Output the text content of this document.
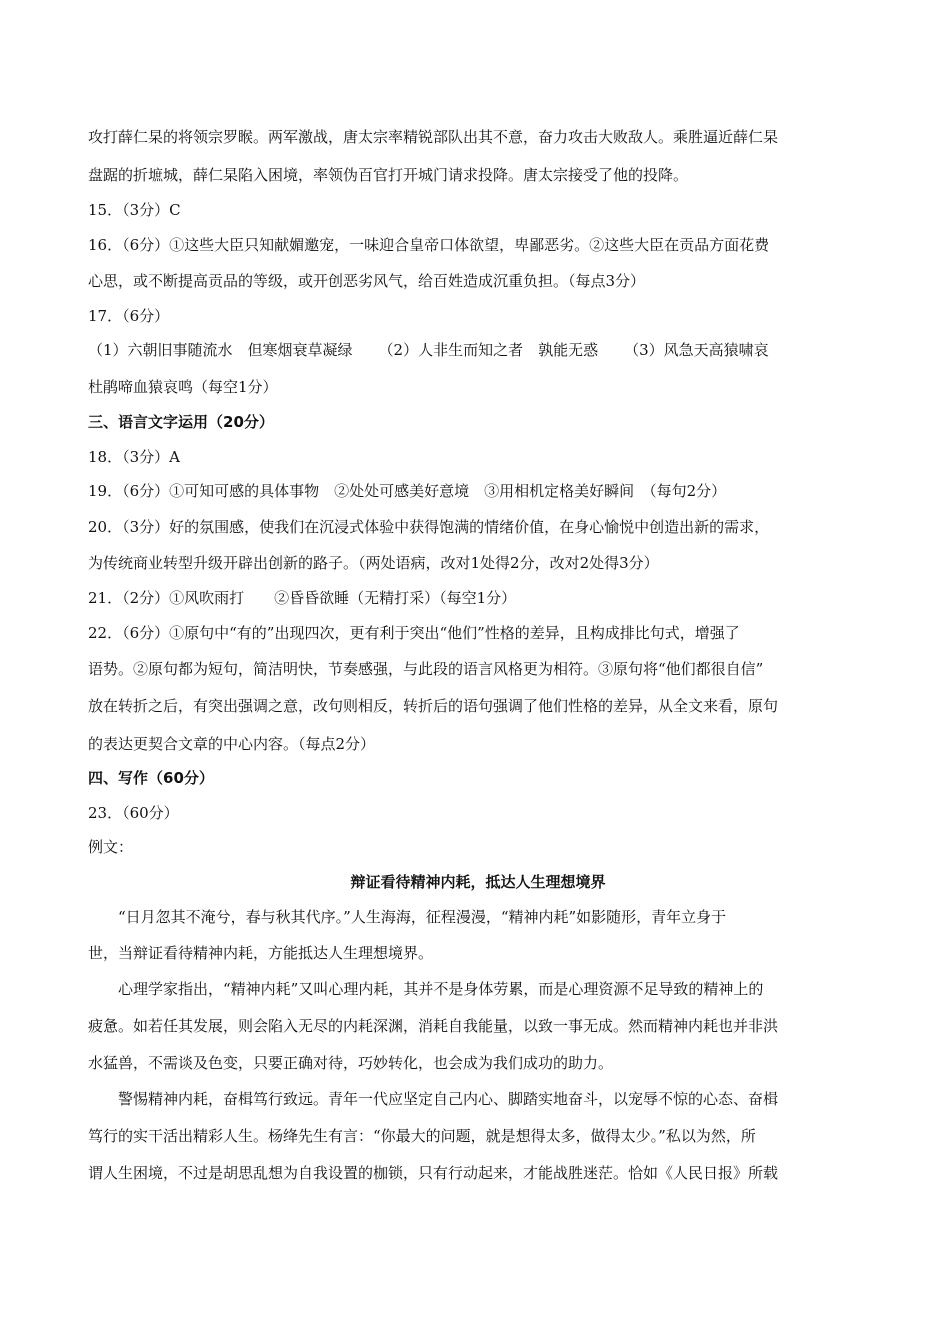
攻打薛仁杲的将领宗罗睺。两军激战，唐太宗率精锐部队出其不意，奋力攻击大败敌人。乘胜逼近薛仁杲
盘踞的折墌城，薛仁杲陷入困境，率领伪百官打开城门请求投降。唐太宗接受了他的投降。
15．（3分）C
16．（6分）①这些大臣只知献媚邀宠，一味迎合皇帝口体欲望，卑鄙恶劣。②这些大臣在贡品方面花费
心思，或不断提高贡品的等级，或开创恶劣风气，给百姓造成沉重负担。（每点3分）
17．（6分）
（1）六朝旧事随流水　但寒烟衰草凝绿 （2）人非生而知之者　孰能无惑 （3）风急天高猿啸哀
杜鹃啼血猿哀鸣（每空1分）
三、语言文字运用（20分）
18．（3分）A
19．（6分）①可知可感的具体事物　②处处可感美好意境　③用相机定格美好瞬间　（每句2分）
20．（3分）好的氛围感，使我们在沉浸式体验中获得饱满的情绪价值，在身心愉悦中创造出新的需求，
为传统商业转型升级开辟出创新的路子。（两处语病，改对1处得2分，改对2处得3分）
21．（2分）①风吹雨打　　②昏昏欲睡（无精打采）（每空1分）
22．（6分）①原句中“有的”出现四次，更有利于突出“他们”性格的差异，且构成排比句式，增强了
语势。②原句都为短句，简洁明快，节奏感强，与此段的语言风格更为相符。③原句将“他们都很自信”
放在转折之后，有突出强调之意，改句则相反，转折后的语句强调了他们性格的差异，从全文来看，原句
的表达更契合文章的中心内容。（每点2分）
四、写作（60分）
23．（60分）
例文：
辩证看待精神内耗，抵达人生理想境界
“日月忽其不淹兮，春与秋其代序。”人生海海，征程漫漫，“精神内耗”如影随形，青年立身于
世，当辩证看待精神内耗，方能抵达人生理想境界。
心理学家指出，“精神内耗”又叫心理内耗，其并不是身体劳累，而是心理资源不足导致的精神上的
疲惫。如若任其发展，则会陷入无尽的内耗深渊，消耗自我能量，以致一事无成。然而精神内耗也并非洪
水猛兽，不需谈及色变，只要正确对待，巧妙转化，也会成为我们成功的助力。
警惕精神内耗，奋楫笃行致远。青年一代应坚定自己内心、脚踏实地奋斗，以宠辱不惊的心态、奋楫
笃行的实干活出精彩人生。杨绛先生有言：“你最大的问题，就是想得太多，做得太少。”私以为然，所
谓人生困境，不过是胡思乱想为自我设置的枷锁，只有行动起来，才能战胜迷茫。恰如《人民日报》所载
